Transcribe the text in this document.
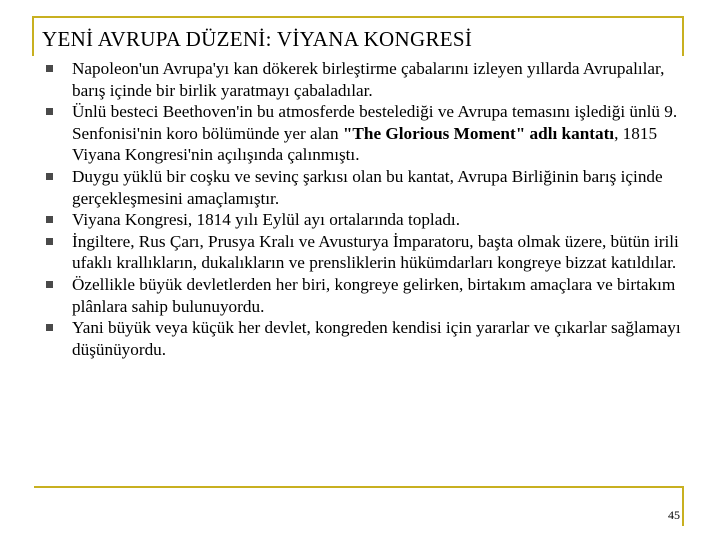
YENİ AVRUPA DÜZENİ: VİYANA KONGRESİ
Napoleon'un Avrupa'yı kan dökerek birleştirme çabalarını izleyen yıllarda Avrupalılar, barış içinde bir birlik yaratmayı çabaladılar.
Ünlü besteci Beethoven'in bu atmosferde bestelediği ve Avrupa temasını işlediği ünlü 9. Senfonisi'nin koro bölümünde yer alan "The Glorious Moment" adlı kantatı, 1815 Viyana Kongresi'nin açılışında çalınmıştı.
Duygu yüklü bir coşku ve sevinç şarkısı olan bu kantat, Avrupa Birliğinin barış içinde gerçekleşmesini amaçlamıştır.
Viyana Kongresi, 1814 yılı Eylül ayı ortalarında topladı.
İngiltere, Rus Çarı, Prusya Kralı ve Avusturya İmparatoru, başta olmak üzere, bütün irili ufaklı krallıkların, dukalıkların ve prensliklerin hükümdarları kongreye bizzat katıldılar.
Özellikle büyük devletlerden her biri, kongreye gelirken, birtakım amaçlara ve birtakım plânlara sahip bulunuyordu.
Yani büyük veya küçük her devlet, kongreden kendisi için yararlar ve çıkarlar sağlamayı düşünüyordu.
45
